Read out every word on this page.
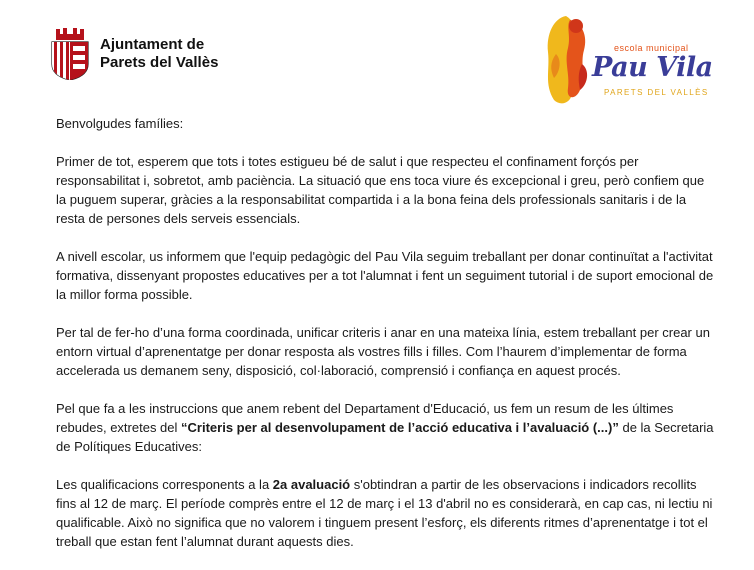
Ajuntament de
Parets del Vallès
escola municipal
Pau Vila
PARETS DEL VALLÈS

Benvolgudes famílies:

Primer de tot, esperem que tots i totes estigueu bé de salut i que respecteu el confinament forçós per responsabilitat i, sobretot, amb paciència. La situació que ens toca viure és excepcional i greu, però confiem que la puguem superar, gràcies a la responsabilitat compartida i a la bona feina dels professionals sanitaris i de la resta de persones dels serveis essencials.

A nivell escolar, us informem que l'equip pedagògic del Pau Vila seguim treballant per donar continuïtat a l'activitat formativa, dissenyant propostes educatives per a tot l'alumnat i fent un seguiment tutorial i de suport emocional de la millor forma possible.

Per tal de fer-ho d’una forma coordinada, unificar criteris i anar en una mateixa línia, estem treballant per crear un entorn virtual d’aprenentatge per donar resposta als vostres fills i filles. Com l’haurem d’implementar de forma accelerada us demanem seny, disposició, col·laboració, comprensió i confiança en aquest procés.

Pel que fa a les instruccions que anem rebent del Departament d'Educació, us fem un resum de les últimes rebudes, extretes del “Criteris per al desenvolupament de l’acció educativa i l’avaluació (...)” de la Secretaria de Polítiques Educatives:

Les qualificacions corresponents a la 2a avaluació s'obtindran a partir de les observacions i indicadors recollits fins al 12 de març. El període comprès entre el 12 de març i el 13 d'abril no es considerarà, en cap cas, ni lectiu ni qualificable. Això no significa que no valorem i tinguem present l’esforç, els diferents ritmes d’aprenentatge i tot el treball que estan fent l’alumnat durant aquests dies.
